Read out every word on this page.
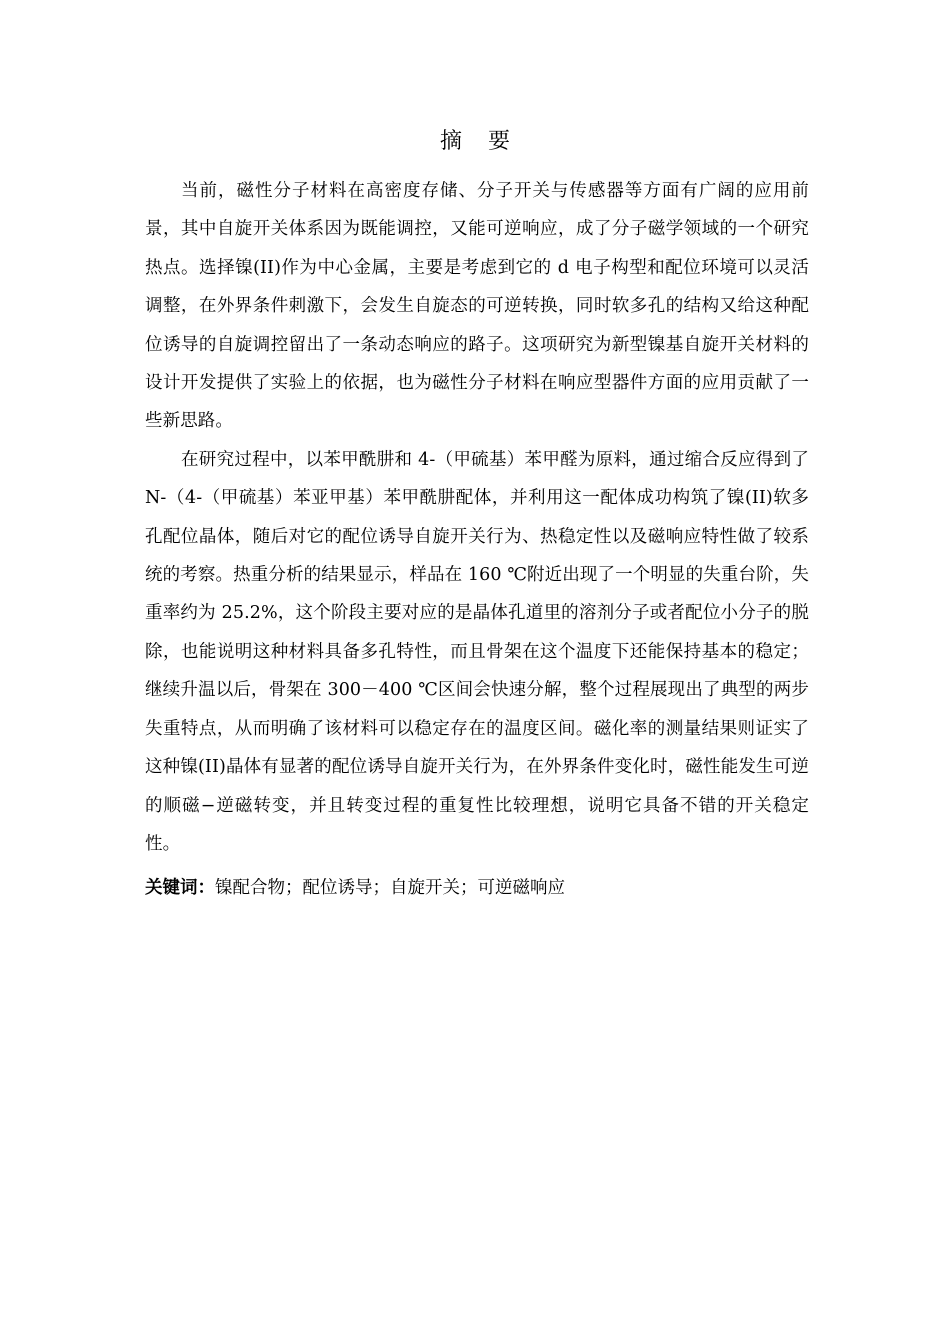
摘要

当前，磁性分子材料在高密度存储、分子开关与传感器等方面有广阔的应用前景，其中自旋开关体系因为既能调控，又能可逆响应，成了分子磁学领域的一个研究热点。选择镍(II)作为中心金属，主要是考虑到它的 d 电子构型和配位环境可以灵活调整，在外界条件刺激下，会发生自旋态的可逆转换，同时软多孔的结构又给这种配位诱导的自旋调控留出了一条动态响应的路子。这项研究为新型镍基自旋开关材料的设计开发提供了实验上的依据，也为磁性分子材料在响应型器件方面的应用贡献了一些新思路。

在研究过程中，以苯甲酰肼和 4-（甲硫基）苯甲醛为原料，通过缩合反应得到了 N-（4-（甲硫基）苯亚甲基）苯甲酰肼配体，并利用这一配体成功构筑了镍(II)软多孔配位晶体，随后对它的配位诱导自旋开关行为、热稳定性以及磁响应特性做了较系统的考察。热重分析的结果显示，样品在 160 ℃附近出现了一个明显的失重台阶，失重率约为 25.2%，这个阶段主要对应的是晶体孔道里的溶剂分子或者配位小分子的脱除，也能说明这种材料具备多孔特性，而且骨架在这个温度下还能保持基本的稳定；继续升温以后，骨架在 300－400 ℃区间会快速分解，整个过程展现出了典型的两步失重特点，从而明确了该材料可以稳定存在的温度区间。磁化率的测量结果则证实了这种镍(II)晶体有显著的配位诱导自旋开关行为，在外界条件变化时，磁性能发生可逆的顺磁−逆磁转变，并且转变过程的重复性比较理想，说明它具备不错的开关稳定性。

关键词：镍配合物；配位诱导；自旋开关；可逆磁响应
